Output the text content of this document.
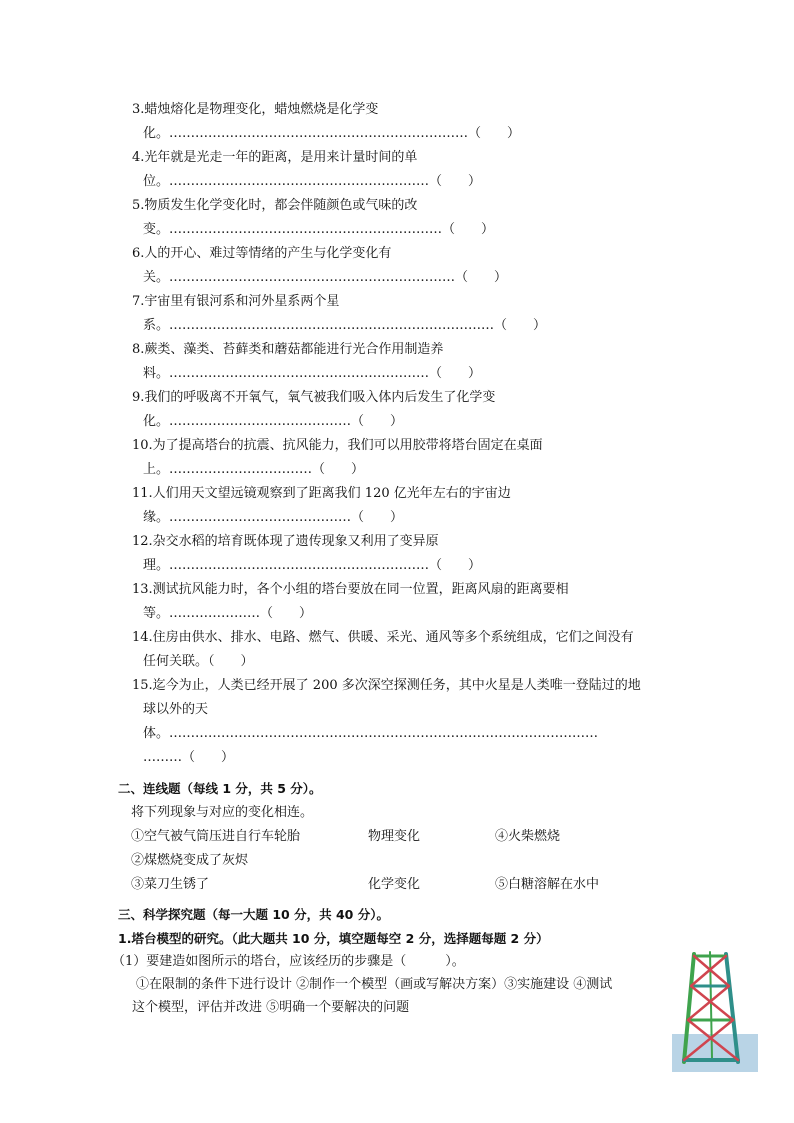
3.蜡烛熔化是物理变化，蜡烛燃烧是化学变
化。……………………………………………………………（　　）
4.光年就是光走一年的距离，是用来计量时间的单
位。……………………………………………………（　　）
5.物质发生化学变化时，都会伴随颜色或气味的改
变。………………………………………………………（　　）
6.人的开心、难过等情绪的产生与化学变化有
关。…………………………………………………………（　　）
7.宇宙里有银河系和河外星系两个星
系。…………………………………………………………………（　　）
8.蕨类、藻类、苔藓类和蘑菇都能进行光合作用制造养
料。……………………………………………………（　　）
9.我们的呼吸离不开氧气，氧气被我们吸入体内后发生了化学变
化。……………………………………（　　）
10.为了提高塔台的抗震、抗风能力，我们可以用胶带将塔台固定在桌面
上。……………………………（　　）
11.人们用天文望远镜观察到了距离我们 120 亿光年左右的宇宙边
缘。……………………………………（　　）
12.杂交水稻的培育既体现了遗传现象又利用了变异原
理。……………………………………………………（　　）
13.测试抗风能力时，各个小组的塔台要放在同一位置，距离风扇的距离要相
等。…………………（　　）
14.住房由供水、排水、电路、燃气、供暖、采光、通风等多个系统组成，它们之间没有
任何关联。（　　）
15.迄今为止，人类已经开展了 200 多次深空探测任务，其中火星是人类唯一登陆过的地
球以外的天
体。………………………………………………………………………………………
………（　　）
二、连线题（每线 1 分，共 5 分）。
将下列现象与对应的变化相连。
①空气被气筒压进自行车轮胎	物理变化	④火柴燃烧
②煤燃烧变成了灰烬
③菜刀生锈了	化学变化	⑤白糖溶解在水中
三、科学探究题（每一大题 10 分，共 40 分）。
1.塔台模型的研究。（此大题共 10 分，填空题每空 2 分，选择题每题 2 分）
（1）要建造如图所示的塔台，应该经历的步骤是（　　　）。
①在限制的条件下进行设计 ②制作一个模型（画或写解决方案）③实施建设 ④测试
这个模型，评估并改进 ⑤明确一个要解决的问题
